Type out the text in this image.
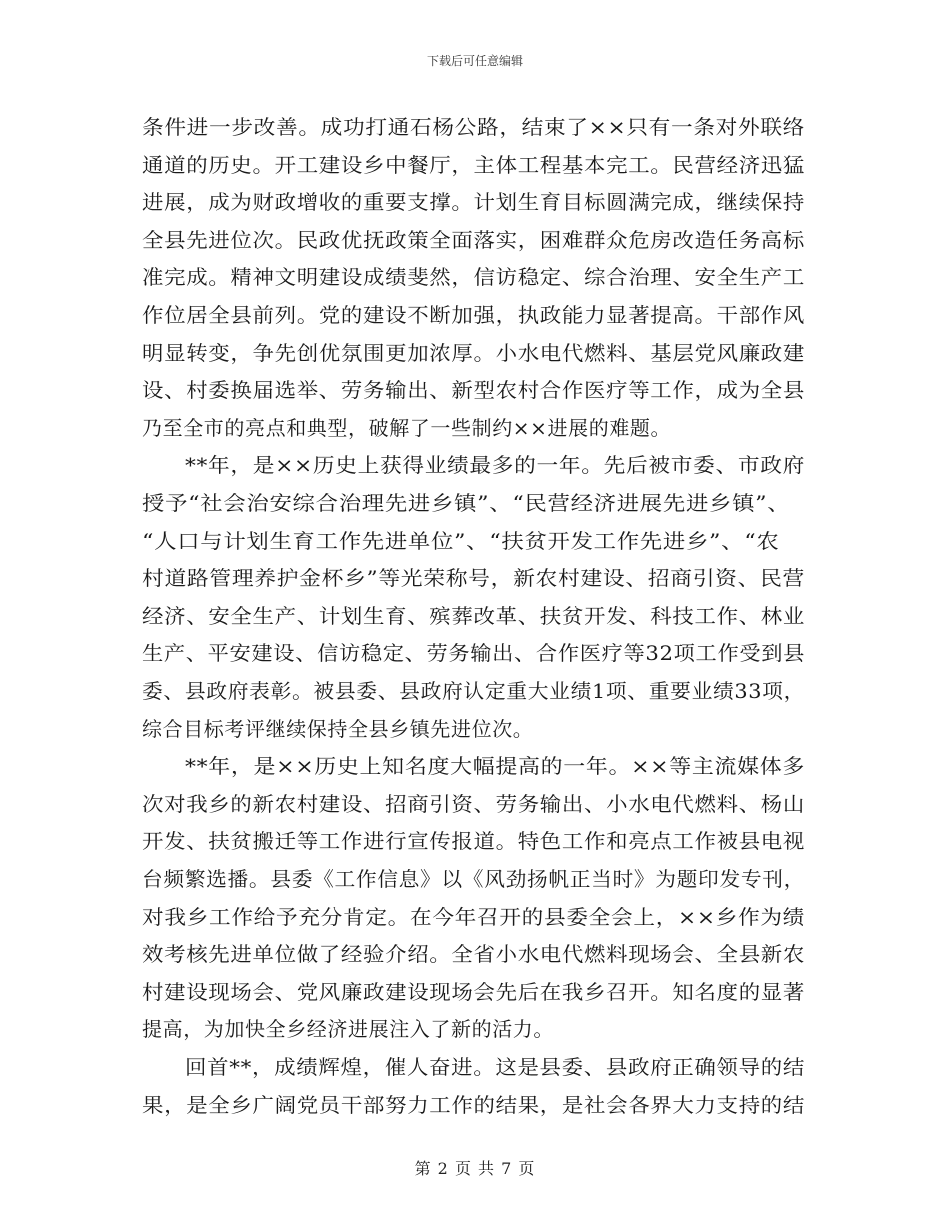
下载后可任意编辑
条件进一步改善。成功打通石杨公路，结束了××只有一条对外联络
通道的历史。开工建设乡中餐厅，主体工程基本完工。民营经济迅猛
进展，成为财政增收的重要支撑。计划生育目标圆满完成，继续保持
全县先进位次。民政优抚政策全面落实，困难群众危房改造任务高标
准完成。精神文明建设成绩斐然，信访稳定、综合治理、安全生产工
作位居全县前列。党的建设不断加强，执政能力显著提高。干部作风
明显转变，争先创优氛围更加浓厚。小水电代燃料、基层党风廉政建
设、村委换届选举、劳务输出、新型农村合作医疗等工作，成为全县
乃至全市的亮点和典型，破解了一些制约××进展的难题。
**年，是××历史上获得业绩最多的一年。先后被市委、市政府
授予“社会治安综合治理先进乡镇”、“民营经济进展先进乡镇”、
“人口与计划生育工作先进单位”、“扶贫开发工作先进乡”、“农
村道路管理养护金杯乡”等光荣称号，新农村建设、招商引资、民营
经济、安全生产、计划生育、殡葬改革、扶贫开发、科技工作、林业
生产、平安建设、信访稳定、劳务输出、合作医疗等32项工作受到县
委、县政府表彰。被县委、县政府认定重大业绩1项、重要业绩33项，
综合目标考评继续保持全县乡镇先进位次。
**年，是××历史上知名度大幅提高的一年。××等主流媒体多
次对我乡的新农村建设、招商引资、劳务输出、小水电代燃料、杨山
开发、扶贫搬迁等工作进行宣传报道。特色工作和亮点工作被县电视
台频繁选播。县委《工作信息》以《风劲扬帆正当时》为题印发专刊，
对我乡工作给予充分肯定。在今年召开的县委全会上，××乡作为绩
效考核先进单位做了经验介绍。全省小水电代燃料现场会、全县新农
村建设现场会、党风廉政建设现场会先后在我乡召开。知名度的显著
提高，为加快全乡经济进展注入了新的活力。
回首**，成绩辉煌，催人奋进。这是县委、县政府正确领导的结
果，是全乡广阔党员干部努力工作的结果，是社会各界大力支持的结
第 2 页 共 7 页
